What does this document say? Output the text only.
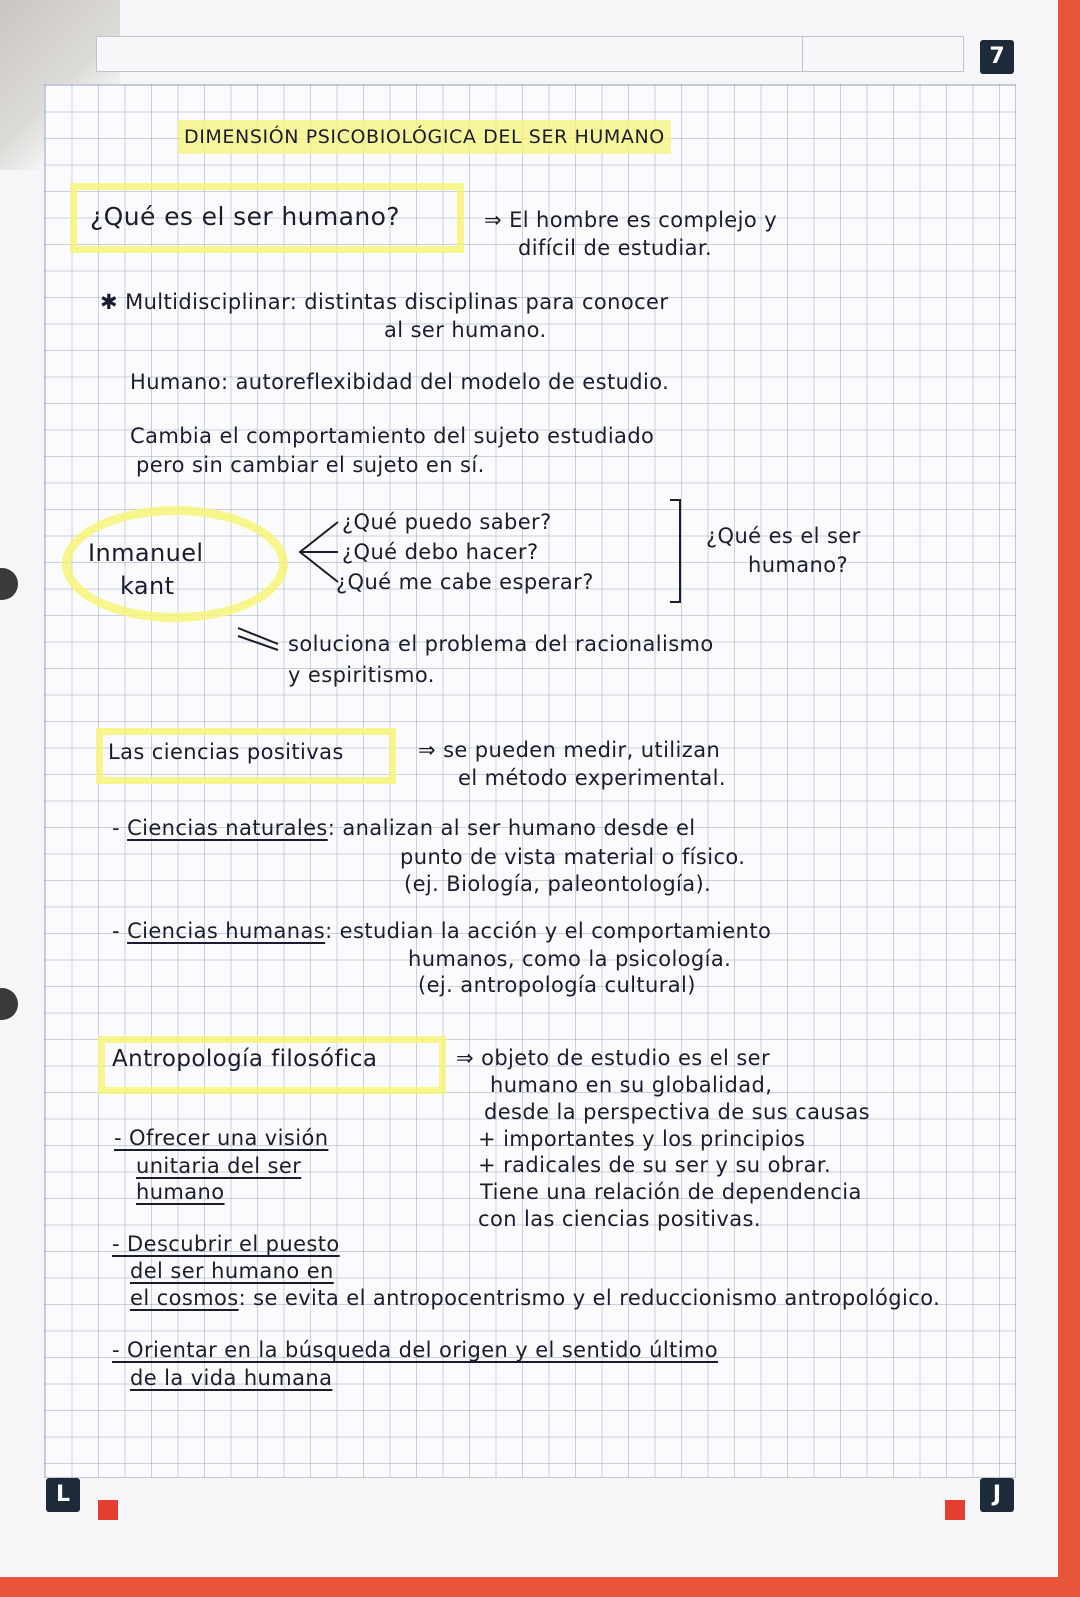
7
L	J
DIMENSIÓN PSICOBIOLÓGICA DEL SER HUMANO
¿Qué es el ser humano?	⇒ El hombre es complejo y
difícil de estudiar.
✱ Multidisciplinar: distintas disciplinas para conocer
al ser humano.
Humano: autoreflexibidad del modelo de estudio.
Cambia el comportamiento del sujeto estudiado
pero sin cambiar el sujeto en sí.
Inmanuel
kant
¿Qué puedo saber?
¿Qué debo hacer?
¿Qué me cabe esperar?
¿Qué es el ser
humano?
soluciona el problema del racionalismo
y espiritismo.
Las ciencias positivas	⇒ se pueden medir, utilizan
el método experimental.
- Ciencias naturales: analizan al ser humano desde el
punto de vista material o físico.
(ej. Biología, paleontología).
- Ciencias humanas: estudian la acción y el comportamiento
humanos, como la psicología.
(ej. antropología cultural)
Antropología filosófica	⇒ objeto de estudio es el ser
humano en su globalidad,
desde la perspectiva de sus causas
+ importantes y los principios
+ radicales de su ser y su obrar.
Tiene una relación de dependencia
con las ciencias positivas.
- Ofrecer una visión
unitaria del ser
humano
- Descubrir el puesto
del ser humano en
el cosmos: se evita el antropocentrismo y el reduccionismo antropológico.
- Orientar en la búsqueda del origen y el sentido último
de la vida humana
